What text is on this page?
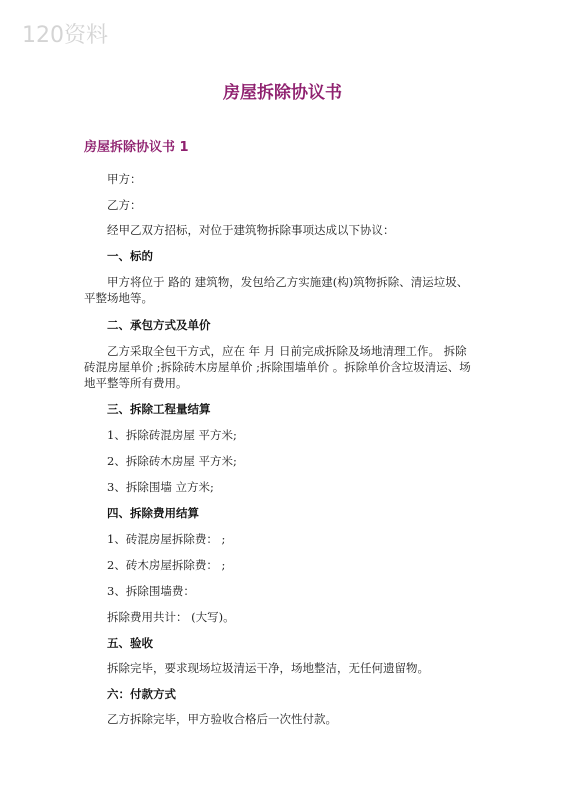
120资料
房屋拆除协议书
房屋拆除协议书 1
甲方：
乙方：
经甲乙双方招标，对位于建筑物拆除事项达成以下协议：
一、标的
甲方将位于 路的 建筑物，发包给乙方实施建(构)筑物拆除、清运垃圾、
平整场地等。
二、承包方式及单价
乙方采取全包干方式，应在 年 月 日前完成拆除及场地清理工作。 拆除
砖混房屋单价 ;拆除砖木房屋单价 ;拆除围墙单价 。拆除单价含垃圾清运、场
地平整等所有费用。
三、拆除工程量结算
1、拆除砖混房屋 平方米;
2、拆除砖木房屋 平方米;
3、拆除围墙 立方米;
四、拆除费用结算
1、砖混房屋拆除费： ;
2、砖木房屋拆除费： ;
3、拆除围墙费：
拆除费用共计： (大写)。
五、验收
拆除完毕，要求现场垃圾清运干净，场地整洁，无任何遗留物。
六：付款方式
乙方拆除完毕，甲方验收合格后一次性付款。
